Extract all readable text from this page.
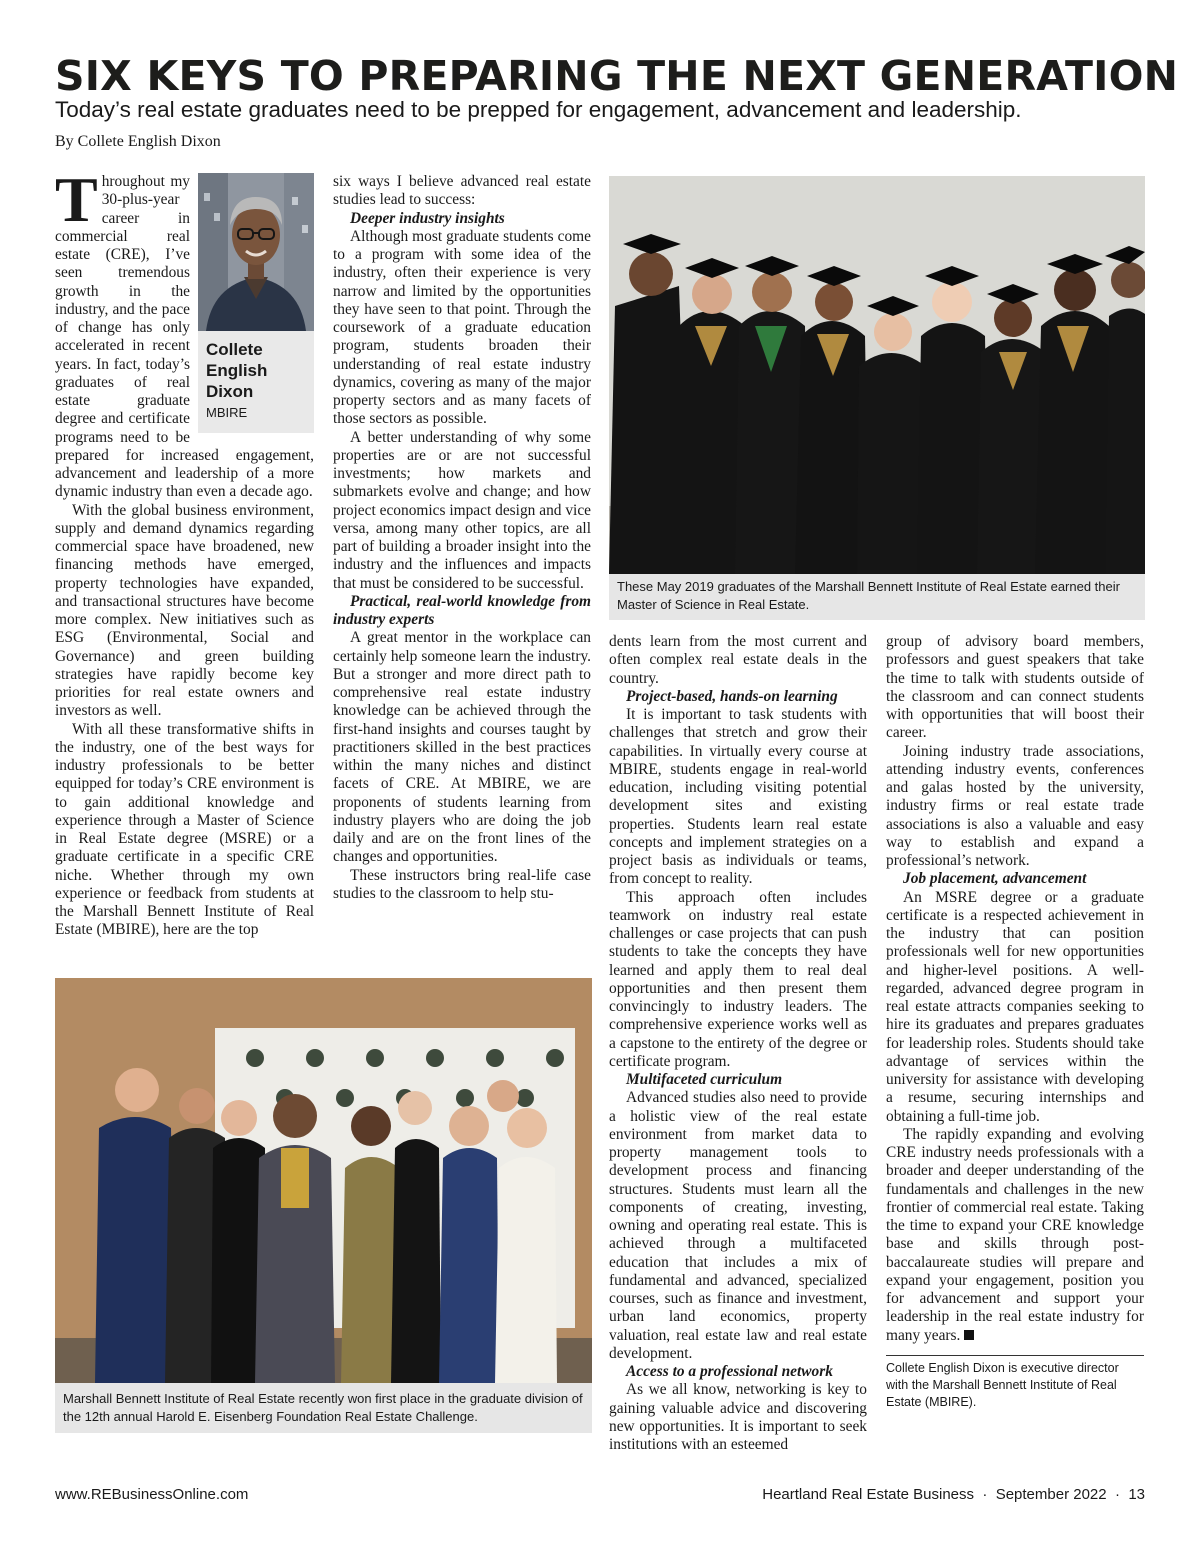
SIX KEYS TO PREPARING THE NEXT GENERATION

Today’s real estate graduates need to be prepped for engagement, advancement and leadership.

By Collete English Dixon
Collete
English
Dixon
MBIRE

Throughout my 30-plus-year career in commercial real estate (CRE), I’ve seen tremendous growth in the industry, and the pace of change has only accelerated in recent years. In fact, today’s graduates of real estate graduate degree and certificate programs need to be prepared for increased engagement, advancement and leadership of a more dynamic industry than even a decade ago.

With the global business environment, supply and demand dynamics regarding commercial space have broadened, new financing methods have emerged, property technologies have expanded, and transactional structures have become more complex. New initiatives such as ESG (Environmental, Social and Governance) and green building strategies have rapidly become key priorities for real estate owners and investors as well.

With all these transformative shifts in the industry, one of the best ways for industry professionals to be better equipped for today’s CRE environment is to gain additional knowledge and experience through a Master of Science in Real Estate degree (MSRE) or a graduate certificate in a specific CRE niche. Whether through my own experience or feedback from students at the Marshall Bennett Institute of Real Estate (MBIRE), here are the top

six ways I believe advanced real estate studies lead to success:

Deeper industry insights

Although most graduate students come to a program with some idea of the industry, often their experience is very narrow and limited by the opportunities they have seen to that point. Through the coursework of a graduate education program, students broaden their understanding of real estate industry dynamics, covering as many of the major property sectors and as many facets of those sectors as possible.

A better understanding of why some properties are or are not successful investments; how markets and submarkets evolve and change; and how project economics impact design and vice versa, among many other topics, are all part of building a broader insight into the industry and the influences and impacts that must be considered to be successful.

Practical, real-world knowledge from industry experts

A great mentor in the workplace can certainly help someone learn the industry. But a stronger and more direct path to comprehensive real estate industry knowledge can be achieved through the first-hand insights and courses taught by practitioners skilled in the best practices within the many niches and distinct facets of CRE. At MBIRE, we are proponents of students learning from industry players who are doing the job daily and are on the front lines of the changes and opportunities.

These instructors bring real-life case studies to the classroom to help stu-

These May 2019 graduates of the Marshall Bennett Institute of Real Estate earned their Master of Science in Real Estate.
Marshall Bennett Institute of Real Estate recently won first place in the graduate division of the 12th annual Harold E. Eisenberg Foundation Real Estate Challenge.

dents learn from the most current and often complex real estate deals in the country.

Project-based, hands-on learning

It is important to task students with challenges that stretch and grow their capabilities. In virtually every course at MBIRE, students engage in real-world education, including visiting potential development sites and existing properties. Students learn real estate concepts and implement strategies on a project basis as individuals or teams, from concept to reality.

This approach often includes teamwork on industry real estate challenges or case projects that can push students to take the concepts they have learned and apply them to real deal opportunities and then present them convincingly to industry leaders. The comprehensive experience works well as a capstone to the entirety of the degree or certificate program.

Multifaceted curriculum

Advanced studies also need to provide a holistic view of the real estate environment from market data to property management tools to development process and financing structures. Students must learn all the components of creating, investing, owning and operating real estate. This is achieved through a multifaceted education that includes a mix of fundamental and advanced, specialized courses, such as finance and investment, urban land economics, property valuation, real estate law and real estate development.

Access to a professional network

As we all know, networking is key to gaining valuable advice and discovering new opportunities. It is important to seek institutions with an esteemed

group of advisory board members, professors and guest speakers that take the time to talk with students outside of the classroom and can connect students with opportunities that will boost their career.

Joining industry trade associations, attending industry events, conferences and galas hosted by the university, industry firms or real estate trade associations is also a valuable and easy way to establish and expand a professional’s network.

Job placement, advancement

An MSRE degree or a graduate certificate is a respected achievement in the industry that can position professionals well for new opportunities and higher-level positions. A well-regarded, advanced degree program in real estate attracts companies seeking to hire its graduates and prepares graduates for leadership roles. Students should take advantage of services within the university for assistance with developing a resume, securing internships and obtaining a full-time job.

The rapidly expanding and evolving CRE industry needs professionals with a broader and deeper understanding of the fundamentals and challenges in the new frontier of commercial real estate. Taking the time to expand your CRE knowledge base and skills through post-baccalaureate studies will prepare and expand your engagement, position you for advancement and support your leadership in the real estate industry for many years.

Collete English Dixon is executive director with the Marshall Bennett Institute of Real Estate (MBIRE).
www.REBusinessOnline.com	Heartland Real Estate Business · September 2022 · 13
